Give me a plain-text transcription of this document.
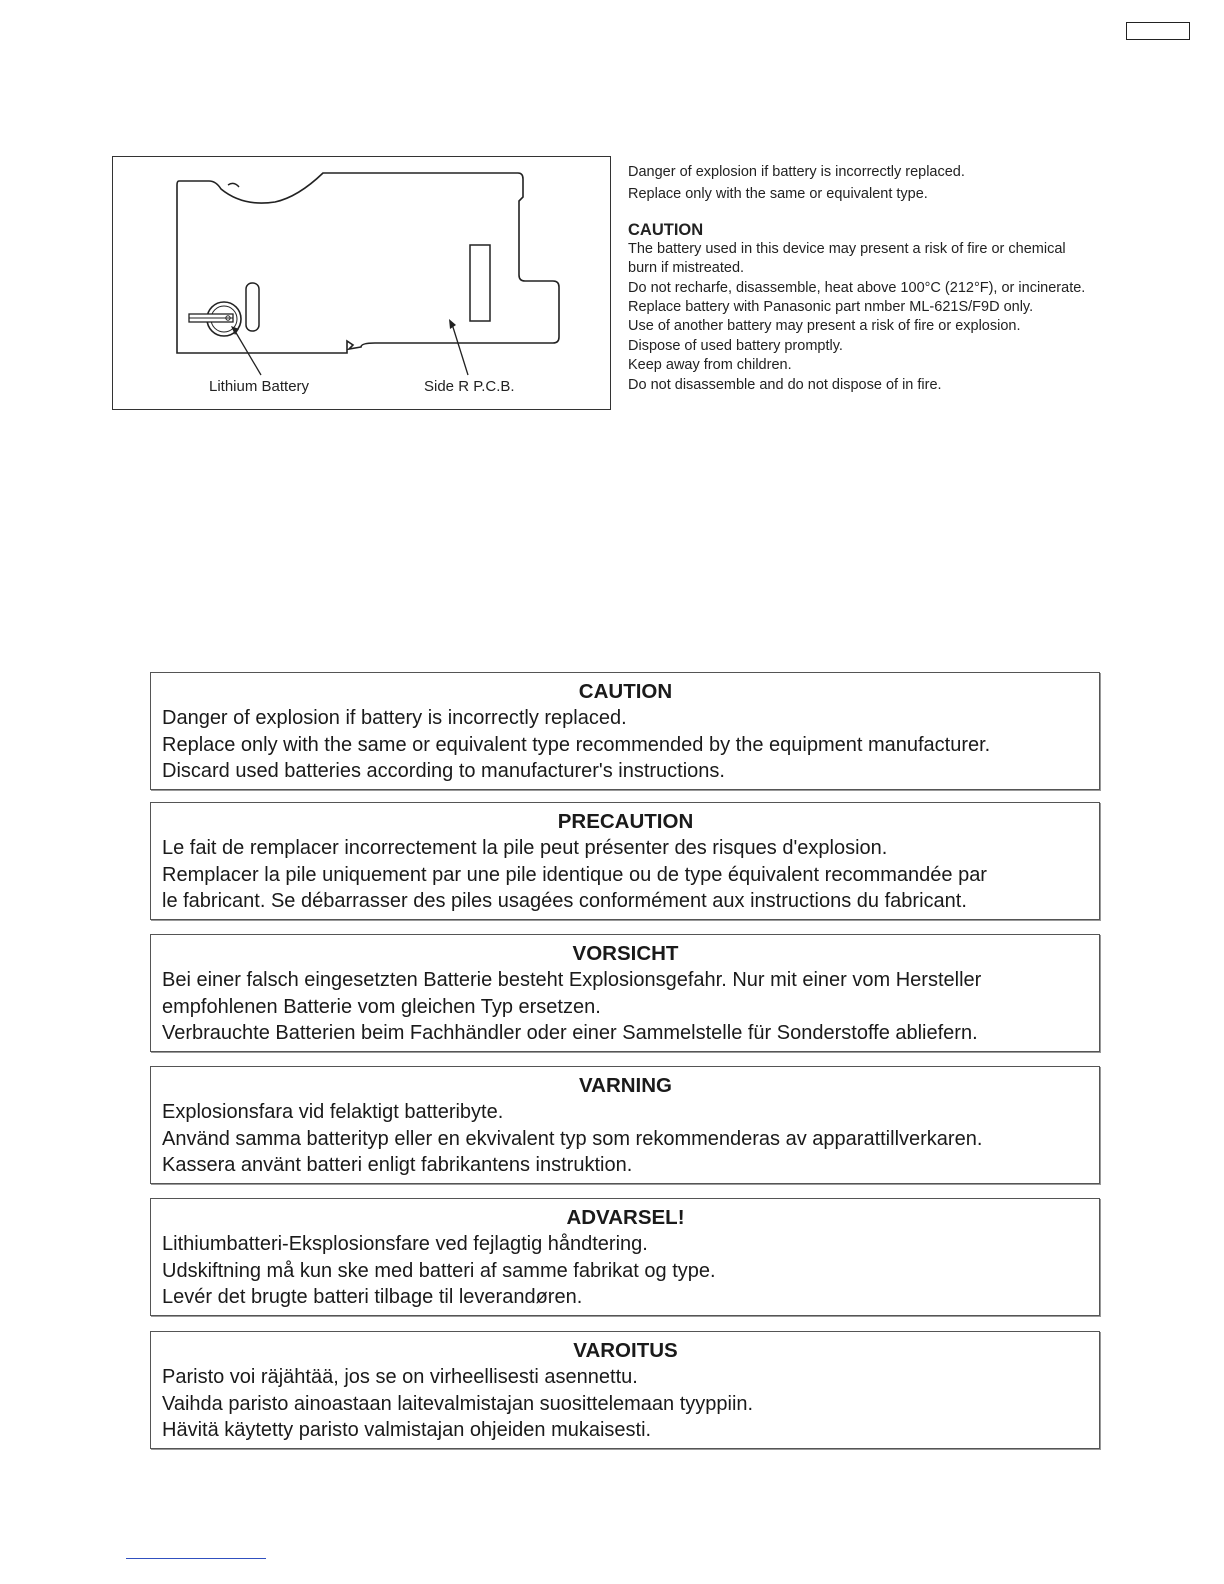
Lithium Battery	Side R P.C.B.
Danger of explosion if battery is incorrectly replaced.
Replace only with the same or equivalent type.
CAUTION
The battery used in this device may present a risk of fire or chemical
burn if mistreated.
Do not recharfe, disassemble, heat above 100°C (212°F), or incinerate.
Replace battery with Panasonic part nmber ML-621S/F9D only.
Use of another battery may present a risk of fire or explosion.
Dispose of used battery promptly.
Keep away from children.
Do not disassemble and do not dispose of in fire.
CAUTION
Danger of explosion if battery is incorrectly replaced.
Replace only with the same or equivalent type recommended by the equipment manufacturer.
Discard used batteries according to manufacturer's instructions.
PRECAUTION
Le fait de remplacer incorrectement la pile peut présenter des risques d'explosion.
Remplacer la pile uniquement par une pile identique ou de type équivalent recommandée par
le fabricant. Se débarrasser des piles usagées conformément aux instructions du fabricant.
VORSICHT
Bei einer falsch eingesetzten Batterie besteht Explosionsgefahr. Nur mit einer vom Hersteller
empfohlenen Batterie vom gleichen Typ ersetzen.
Verbrauchte Batterien beim Fachhändler oder einer Sammelstelle für Sonderstoffe abliefern.
VARNING
Explosionsfara vid felaktigt batteribyte.
Använd samma batterityp eller en ekvivalent typ som rekommenderas av apparattillverkaren.
Kassera använt batteri enligt fabrikantens instruktion.
ADVARSEL!
Lithiumbatteri-Eksplosionsfare ved fejlagtig håndtering.
Udskiftning må kun ske med batteri af samme fabrikat og type.
Levér det brugte batteri tilbage til leverandøren.
VAROITUS
Paristo voi räjähtää, jos se on virheellisesti asennettu.
Vaihda paristo ainoastaan laitevalmistajan suosittelemaan tyyppiin.
Hävitä käytetty paristo valmistajan ohjeiden mukaisesti.
